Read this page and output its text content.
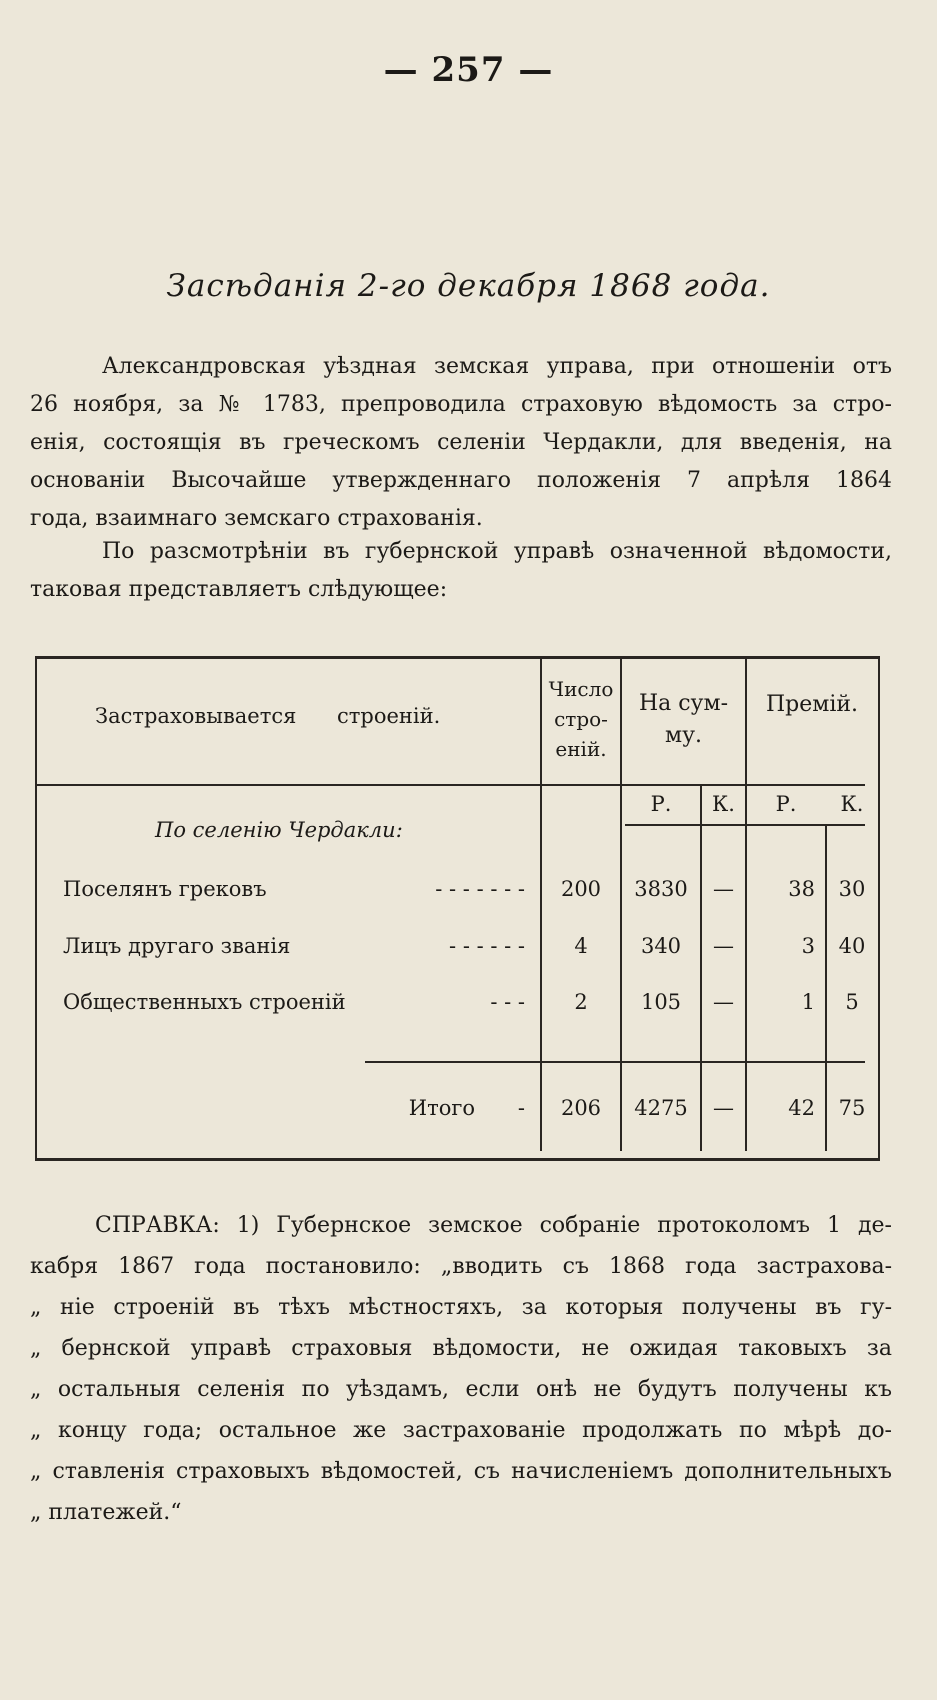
— 257 —
Засѣданія 2-го декабря 1868 года.
Александровская уѣздная земская управа, при отношеніи отъ
26 ноября, за № 1783, препроводила страховую вѣдомость за стро-
енія, состоящія въ греческомъ селеніи Чердакли, для введенія, на
основаніи Высочайше утвержденнаго положенія 7 апрѣля 1864
года, взаимнаго земскаго страхованія.
По разсмотрѣніи въ губернской управѣ означенной вѣдомости,
таковая представляетъ слѣдующее:
Застраховывается строеній.
Число
стро-
еній.
На сум-
му.
Премій.
Р.	К.	Р.	К.
По селенію Чердакли:
Поселянъ грековъ	- - - - - - -	200	3830	—	38	30
Лицъ другаго званія	- - - - - -	4	340	—	3	40
Общественныхъ строеній	- - -	2	105	—	1	5
Итого	-	206	4275	—	42	75
СПРАВКА: 1) Губернское земское собраніе протоколомъ 1 де-
кабря 1867 года постановило: „вводить съ 1868 года застрахова-
„ ніе строеній въ тѣхъ мѣстностяхъ, за которыя получены въ гу-
„ бернской управѣ страховыя вѣдомости, не ожидая таковыхъ за
„ остальныя селенія по уѣздамъ, если онѣ не будутъ получены къ
„ концу года; остальное же застрахованіе продолжать по мѣрѣ до-
„ ставленія страховыхъ вѣдомостей, съ начисленіемъ дополнительныхъ
„ платежей.“
